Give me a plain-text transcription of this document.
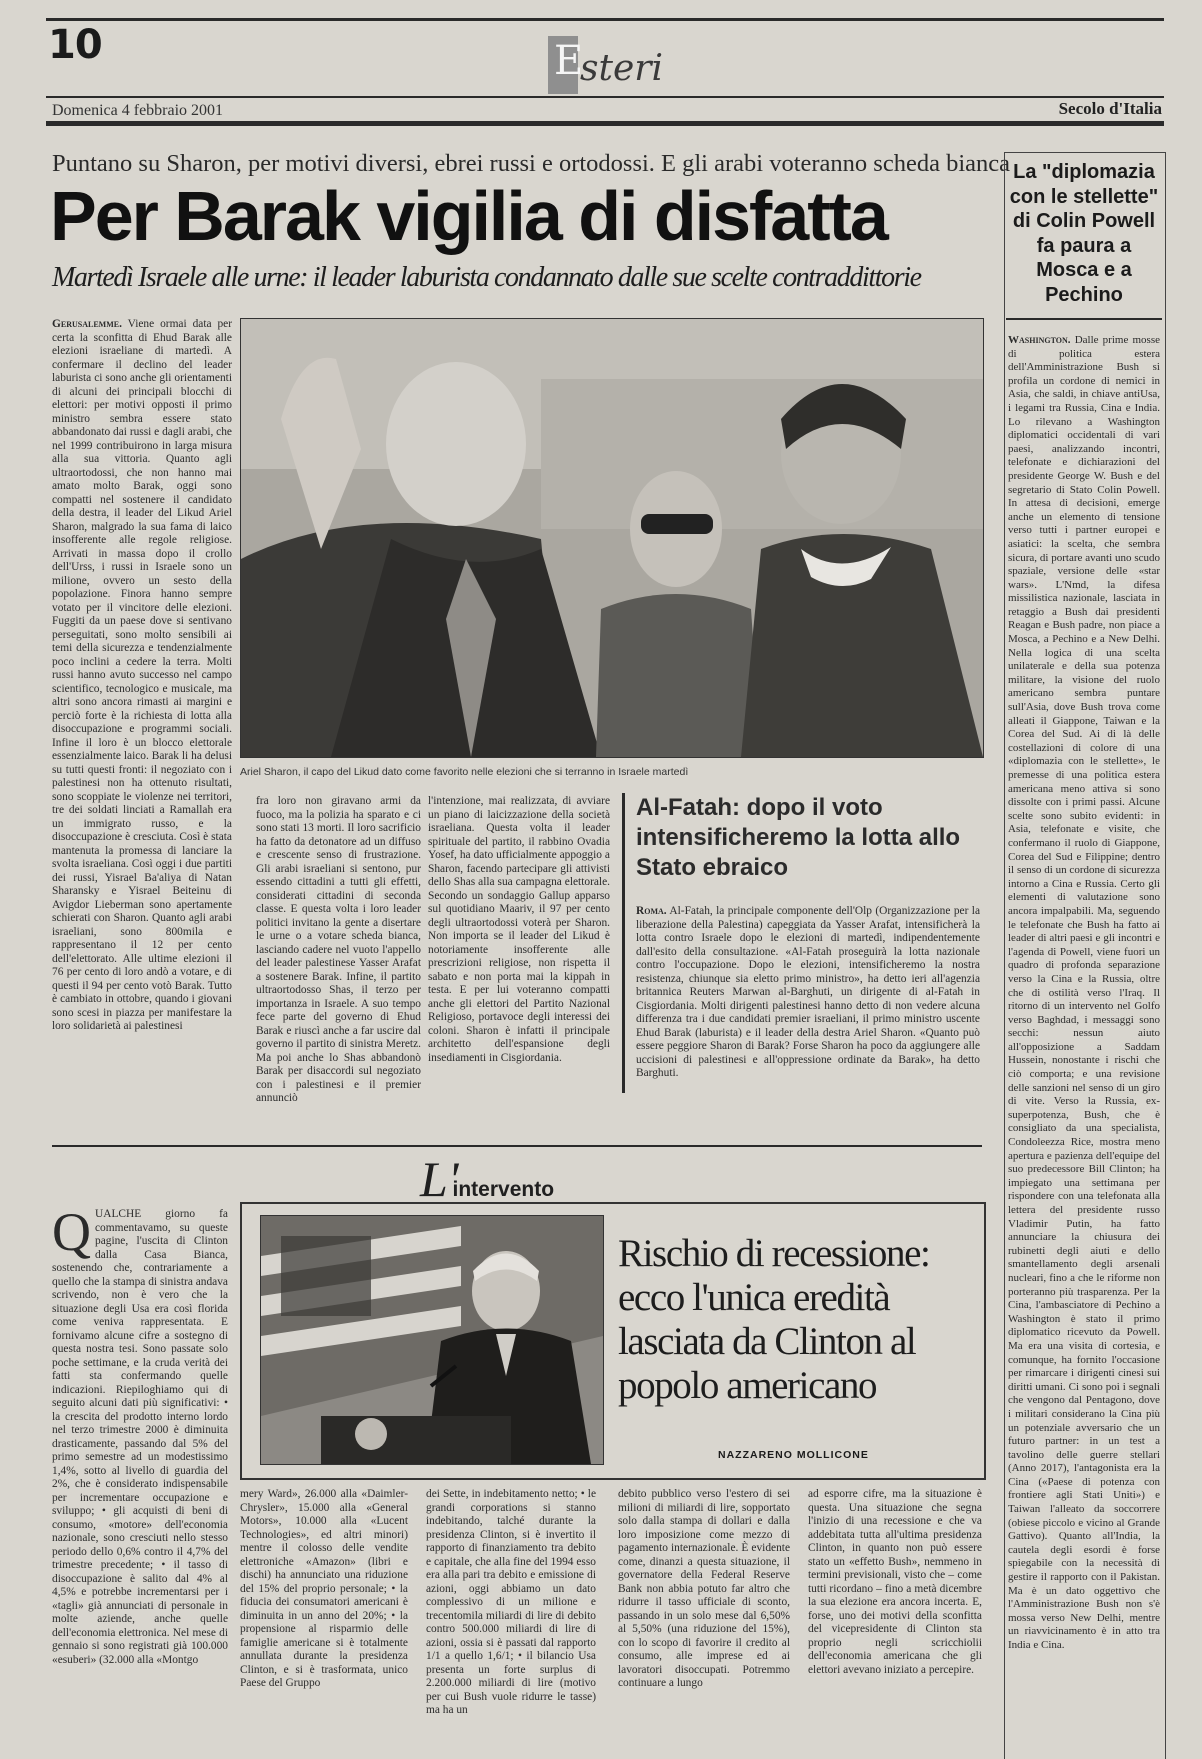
10	E
steri
Domenica 4 febbraio 2001	Secolo d'Italia
Puntano su Sharon, per motivi diversi, ebrei russi e ortodossi. E gli arabi voteranno scheda bianca
Per Barak vigilia di disfatta
Martedì Israele alle urne: il leader laburista condannato dalle sue scelte contraddittorie

Gerusalemme. Viene ormai data per certa la sconfitta di Ehud Barak alle elezioni israeliane di martedì. A confermare il declino del leader laburista ci sono anche gli orientamenti di alcuni dei principali blocchi di elettori: per motivi opposti il primo ministro sembra essere stato abbandonato dai russi e dagli arabi, che nel 1999 contribuirono in larga misura alla sua vittoria. Quanto agli ultraortodossi, che non hanno mai amato molto Barak, oggi sono compatti nel sostenere il candidato della destra, il leader del Likud Ariel Sharon, malgrado la sua fama di laico insofferente alle regole religiose. Arrivati in massa dopo il crollo dell'Urss, i russi in Israele sono un milione, ovvero un sesto della popolazione. Finora hanno sempre votato per il vincitore delle elezioni. Fuggiti da un paese dove si sentivano perseguitati, sono molto sensibili ai temi della sicurezza e tendenzialmente poco inclini a cedere la terra. Molti russi hanno avuto successo nel campo scientifico, tecnologico e musicale, ma altri sono ancora rimasti ai margini e perciò forte è la richiesta di lotta alla disoccupazione e programmi sociali. Infine il loro è un blocco elettorale essenzialmente laico. Barak li ha delusi su tutti questi fronti: il negoziato con i palestinesi non ha ottenuto risultati, sono scoppiate le violenze nei territori, tre dei soldati linciati a Ramallah era un immigrato russo, e la disoccupazione è cresciuta. Così è stata mantenuta la promessa di lanciare la svolta israeliana. Così oggi i due partiti dei russi, Yisrael Ba'aliya di Natan Sharansky e Yisrael Beiteinu di Avigdor Lieberman sono apertamente schierati con Sharon. Quanto agli arabi israeliani, sono 800mila e rappresentano il 12 per cento dell'elettorato. Alle ultime elezioni il 76 per cento di loro andò a votare, e di questi il 94 per cento votò Barak. Tutto è cambiato in ottobre, quando i giovani sono scesi in piazza per manifestare la loro solidarietà ai palestinesi

Ariel Sharon, il capo del Likud dato come favorito nelle elezioni che si terranno in Israele martedì

fra loro non giravano armi da fuoco, ma la polizia ha sparato e ci sono stati 13 morti. Il loro sacrificio ha fatto da detonatore ad un diffuso e crescente senso di frustrazione. Gli arabi israeliani si sentono, pur essendo cittadini a tutti gli effetti, considerati cittadini di seconda classe. E questa volta i loro leader politici invitano la gente a disertare le urne o a votare scheda bianca, lasciando cadere nel vuoto l'appello del leader palestinese Yasser Arafat a sostenere Barak. Infine, il partito ultraortodosso Shas, il terzo per importanza in Israele. A suo tempo fece parte del governo di Ehud Barak e riuscì anche a far uscire dal governo il partito di sinistra Meretz. Ma poi anche lo Shas abbandonò Barak per disaccordi sul negoziato con i palestinesi e il premier annunciò

l'intenzione, mai realizzata, di avviare un piano di laicizzazione della società israeliana. Questa volta il leader spirituale del partito, il rabbino Ovadia Yosef, ha dato ufficialmente appoggio a Sharon, facendo partecipare gli attivisti dello Shas alla sua campagna elettorale. Secondo un sondaggio Gallup apparso sul quotidiano Maariv, il 97 per cento degli ultraortodossi voterà per Sharon. Non importa se il leader del Likud è notoriamente insofferente alle prescrizioni religiose, non rispetta il sabato e non porta mai la kippah in testa. E per lui voteranno compatti anche gli elettori del Partito Nazional Religioso, portavoce degli interessi dei coloni. Sharon è infatti il principale architetto dell'espansione degli insediamenti in Cisgiordania.

Al-Fatah: dopo il voto intensificheremo la lotta allo Stato ebraico

Roma. Al-Fatah, la principale componente dell'Olp (Organizzazione per la liberazione della Palestina) capeggiata da Yasser Arafat, intensificherà la lotta contro Israele dopo le elezioni di martedì, indipendentemente dall'esito della consultazione. «Al-Fatah proseguirà la lotta nazionale contro l'occupazione. Dopo le elezioni, intensificheremo la nostra resistenza, chiunque sia eletto primo ministro», ha detto ieri all'agenzia britannica Reuters Marwan al-Barghuti, un dirigente di al-Fatah in Cisgiordania. Molti dirigenti palestinesi hanno detto di non vedere alcuna differenza tra i due candidati premier israeliani, il primo ministro uscente Ehud Barak (laburista) e il leader della destra Ariel Sharon. «Quanto può essere peggiore Sharon di Barak? Forse Sharon ha poco da aggiungere alle uccisioni di palestinesi e all'oppressione ordinate da Barak», ha detto Barghuti.

La "diplomazia con le stellette" di Colin Powell fa paura a Mosca e a Pechino

Washington. Dalle prime mosse di politica estera dell'Amministrazione Bush si profila un cordone di nemici in Asia, che saldi, in chiave antiUsa, i legami tra Russia, Cina e India. Lo rilevano a Washington diplomatici occidentali di vari paesi, analizzando incontri, telefonate e dichiarazioni del presidente George W. Bush e del segretario di Stato Colin Powell. In attesa di decisioni, emerge anche un elemento di tensione verso tutti i partner europei e asiatici: la scelta, che sembra sicura, di portare avanti uno scudo spaziale, versione delle «star wars». L'Nmd, la difesa missilistica nazionale, lasciata in retaggio a Bush dai presidenti Reagan e Bush padre, non piace a Mosca, a Pechino e a New Delhi. Nella logica di una scelta unilaterale e della sua potenza militare, la visione del ruolo americano sembra puntare sull'Asia, dove Bush trova come alleati il Giappone, Taiwan e la Corea del Sud. Ai di là delle costellazioni di colore di una «diplomazia con le stellette», le premesse di una politica estera americana meno attiva si sono dissolte con i primi passi. Alcune scelte sono subito evidenti: in Asia, telefonate e visite, che confermano il ruolo di Giappone, Corea del Sud e Filippine; dentro il senso di un cordone di sicurezza intorno a Cina e Russia. Certo gli elementi di valutazione sono ancora impalpabili. Ma, seguendo le telefonate che Bush ha fatto ai leader di altri paesi e gli incontri e l'agenda di Powell, viene fuori un quadro di profonda separazione verso la Cina e la Russia, oltre che di ostilità verso l'Iraq. Il ritorno di un intervento nel Golfo verso Baghdad, i messaggi sono secchi: nessun aiuto all'opposizione a Saddam Hussein, nonostante i rischi che ciò comporta; e una revisione delle sanzioni nel senso di un giro di vite. Verso la Russia, ex-superpotenza, Bush, che è consigliato da una specialista, Condoleezza Rice, mostra meno apertura e pazienza dell'equipe del suo predecessore Bill Clinton; ha impiegato una settimana per rispondere con una telefonata alla lettera del presidente russo Vladimir Putin, ha fatto annunciare la chiusura dei rubinetti degli aiuti e dello smantellamento degli arsenali nucleari, fino a che le riforme non porteranno più trasparenza. Per la Cina, l'ambasciatore di Pechino a Washington è stato il primo diplomatico ricevuto da Powell. Ma era una visita di cortesia, e comunque, ha fornito l'occasione per rimarcare i dirigenti cinesi sui diritti umani. Ci sono poi i segnali che vengono dal Pentagono, dove i militari considerano la Cina più un potenziale avversario che un futuro partner: in un test a tavolino delle guerre stellari (Anno 2017), l'antagonista era la Cina («Paese di potenza con frontiere agli Stati Uniti») e Taiwan l'alleato da soccorrere (obiese piccolo e vicino al Grande Gattivo). Quanto all'India, la cautela degli esordi è forse spiegabile con la necessità di gestire il rapporto con il Pakistan. Ma è un dato oggettivo che l'Amministrazione Bush non s'è mossa verso New Delhi, mentre un riavvicinamento è in atto tra India e Cina.

L'intervento

QUALCHE giorno fa commentavamo, su queste pagine, l'uscita di Clinton dalla Casa Bianca, sostenendo che, contrariamente a quello che la stampa di sinistra andava scrivendo, non è vero che la situazione degli Usa era così florida come veniva rappresentata. E fornivamo alcune cifre a sostegno di questa nostra tesi. Sono passate solo poche settimane, e la cruda verità dei fatti sta confermando quelle indicazioni. Riepiloghiamo qui di seguito alcuni dati più significativi: • la crescita del prodotto interno lordo nel terzo trimestre 2000 è diminuita drasticamente, passando dal 5% del primo semestre ad un modestissimo 1,4%, sotto al livello di guardia del 2%, che è considerato indispensabile per incrementare occupazione e sviluppo; • gli acquisti di beni di consumo, «motore» dell'economia nazionale, sono cresciuti nello stesso periodo dello 0,6% contro il 4,7% del trimestre precedente; • il tasso di disoccupazione è salito dal 4% al 4,5% e potrebbe incrementarsi per i «tagli» già annunciati di personale in molte aziende, anche quelle dell'economia elettronica. Nel mese di gennaio si sono registrati già 100.000 «esuberi» (32.000 alla «Montgo

Rischio di recessione: ecco l'unica eredità lasciata da Clinton al popolo americano
NAZZARENO MOLLICONE

mery Ward», 26.000 alla «Daimler-Chrysler», 15.000 alla «General Motors», 10.000 alla «Lucent Technologies», ed altri minori) mentre il colosso delle vendite elettroniche «Amazon» (libri e dischi) ha annunciato una riduzione del 15% del proprio personale; • la fiducia dei consumatori americani è diminuita in un anno del 20%; • la propensione al risparmio delle famiglie americane si è totalmente annullata durante la presidenza Clinton, e si è trasformata, unico Paese del Gruppo

dei Sette, in indebitamento netto; • le grandi corporations si stanno indebitando, talché durante la presidenza Clinton, si è invertito il rapporto di finanziamento tra debito e capitale, che alla fine del 1994 esso era alla pari tra debito e emissione di azioni, oggi abbiamo un dato complessivo di un milione e trecentomila miliardi di lire di debito contro 500.000 miliardi di lire di azioni, ossia si è passati dal rapporto 1/1 a quello 1,6/1; • il bilancio Usa presenta un forte surplus di 2.200.000 miliardi di lire (motivo per cui Bush vuole ridurre le tasse) ma ha un

debito pubblico verso l'estero di sei milioni di miliardi di lire, sopportato solo dalla stampa di dollari e dalla loro imposizione come mezzo di pagamento internazionale. È evidente come, dinanzi a questa situazione, il governatore della Federal Reserve Bank non abbia potuto far altro che ridurre il tasso ufficiale di sconto, passando in un solo mese dal 6,50% al 5,50% (una riduzione del 15%), con lo scopo di favorire il credito al consumo, alle imprese ed ai lavoratori disoccupati. Potremmo continuare a lungo

ad esporre cifre, ma la situazione è questa. Una situazione che segna l'inizio di una recessione e che va addebitata tutta all'ultima presidenza Clinton, in quanto non può essere stato un «effetto Bush», nemmeno in termini previsionali, visto che – come tutti ricordano – fino a metà dicembre la sua elezione era ancora incerta. E, forse, uno dei motivi della sconfitta del vicepresidente di Clinton sta proprio negli scricchiolii dell'economia americana che gli elettori avevano iniziato a percepire.
